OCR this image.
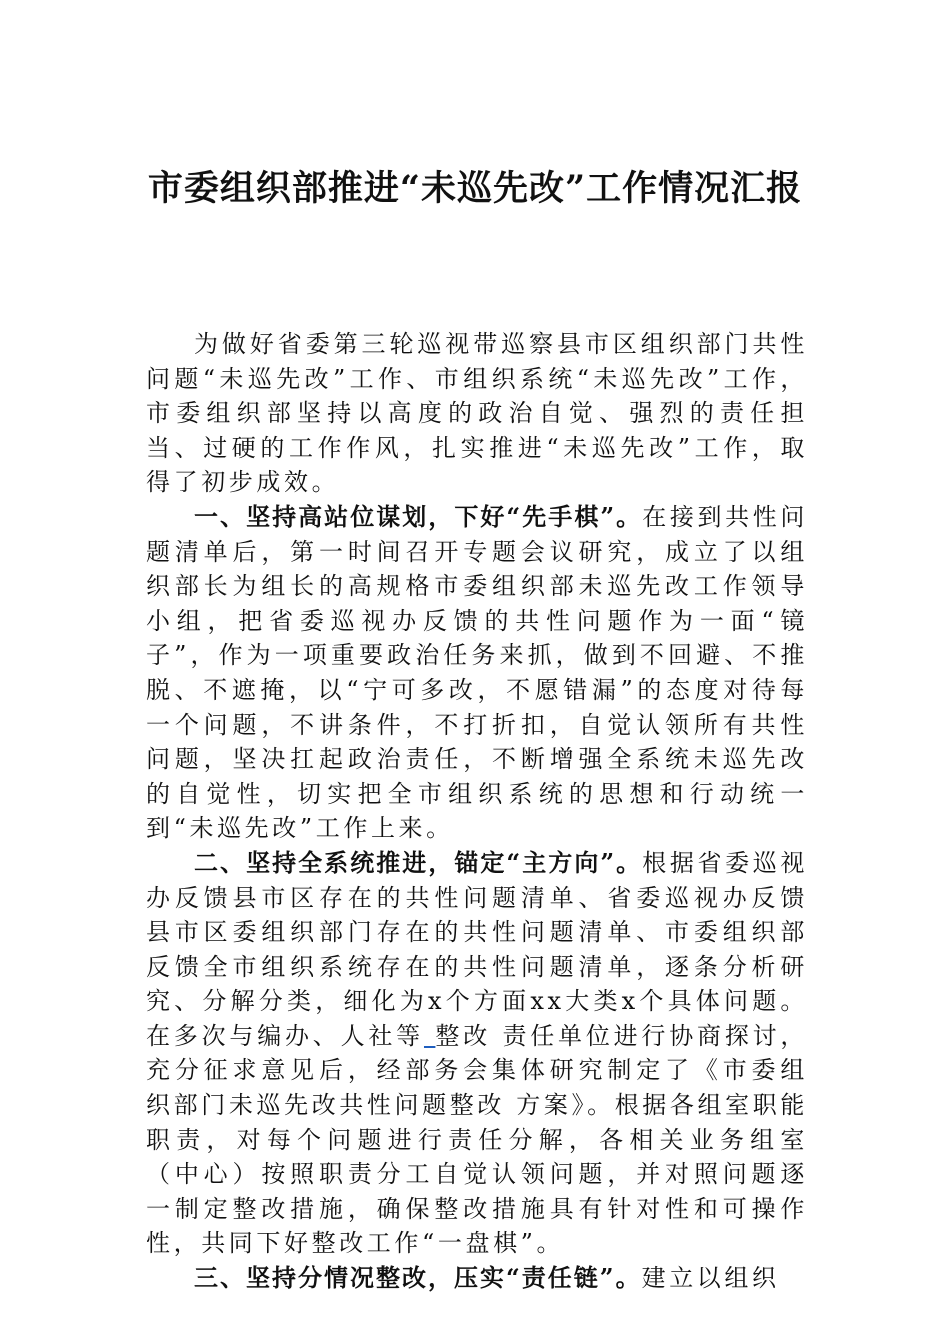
市委组织部推进“未巡先改”工作情况汇报

为做好省委第三轮巡视带巡察县市区组织部门共性问题“未巡先改”工作、市组织系统“未巡先改”工作，市委组织部坚持以高度的政治自觉、强烈的责任担当、过硬的工作作风，扎实推进“未巡先改”工作，取得了初步成效。

一、坚持高站位谋划，下好“先手棋”。在接到共性问题清单后，第一时间召开专题会议研究，成立了以组织部长为组长的高规格市委组织部未巡先改工作领导小组，把省委巡视办反馈的共性问题作为一面“镜子”，作为一项重要政治任务来抓，做到不回避、不推脱、不遮掩，以“宁可多改，不愿错漏”的态度对待每一个问题，不讲条件，不打折扣，自觉认领所有共性问题，坚决扛起政治责任，不断增强全系统未巡先改的自觉性，切实把全市组织系统的思想和行动统一到“未巡先改”工作上来。

二、坚持全系统推进，锚定“主方向”。根据省委巡视办反馈县市区存在的共性问题清单、省委巡视办反馈县市区委组织部门存在的共性问题清单、市委组织部反馈全市组织系统存在的共性问题清单，逐条分析研究、分解分类，细化为x个方面xx大类x个具体问题。在多次与编办、人社等 整改 责任单位进行协商探讨，充分征求意见后，经部务会集体研究制定了《市委组织部门未巡先改共性问题整改 方案》。根据各组室职能职责，对每个问题进行责任分解，各相关业务组室（中心）按照职责分工自觉认领问题，并对照问题逐一制定整改措施，确保整改措施具有针对性和可操作性，共同下好整改工作“一盘棋”。

三、坚持分情况整改，压实“责任链”。建立以组织
